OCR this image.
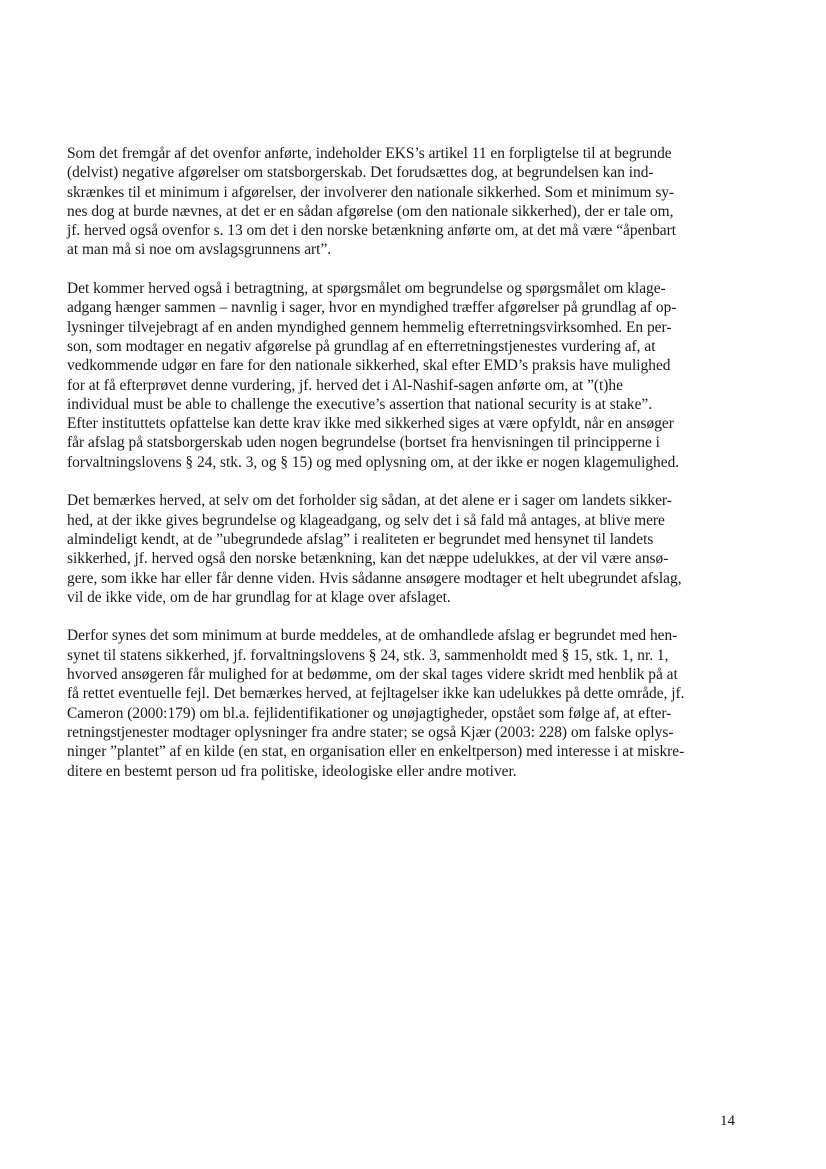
Som det fremgår af det ovenfor anførte, indeholder EKS’s artikel 11 en forpligtelse til at begrunde
(delvist) negative afgørelser om statsborgerskab. Det forudsættes dog, at begrundelsen kan ind-
skrænkes til et minimum i afgørelser, der involverer den nationale sikkerhed. Som et minimum sy-
nes dog at burde nævnes, at det er en sådan afgørelse (om den nationale sikkerhed), der er tale om,
jf. herved også ovenfor s. 13 om det i den norske betænkning anførte om, at det må være “åpenbart
at man må si noe om avslagsgrunnens art”.

Det kommer herved også i betragtning, at spørgsmålet om begrundelse og spørgsmålet om klage-
adgang hænger sammen – navnlig i sager, hvor en myndighed træffer afgørelser på grundlag af op-
lysninger tilvejebragt af en anden myndighed gennem hemmelig efterretningsvirksomhed. En per-
son, som modtager en negativ afgørelse på grundlag af en efterretningstjenestes vurdering af, at
vedkommende udgør en fare for den nationale sikkerhed, skal efter EMD’s praksis have mulighed
for at få efterprøvet denne vurdering, jf. herved det i Al-Nashif-sagen anførte om, at ”(t)he
individual must be able to challenge the executive’s assertion that national security is at stake”.
Efter instituttets opfattelse kan dette krav ikke med sikkerhed siges at være opfyldt, når en ansøger
får afslag på statsborgerskab uden nogen begrundelse (bortset fra henvisningen til principperne i
forvaltningslovens § 24, stk. 3, og § 15) og med oplysning om, at der ikke er nogen klagemulighed.

Det bemærkes herved, at selv om det forholder sig sådan, at det alene er i sager om landets sikker-
hed, at der ikke gives begrundelse og klageadgang, og selv det i så fald må antages, at blive mere
almindeligt kendt, at de ”ubegrundede afslag” i realiteten er begrundet med hensynet til landets
sikkerhed, jf. herved også den norske betænkning, kan det næppe udelukkes, at der vil være ansø-
gere, som ikke har eller får denne viden. Hvis sådanne ansøgere modtager et helt ubegrundet afslag,
vil de ikke vide, om de har grundlag for at klage over afslaget.

Derfor synes det som minimum at burde meddeles, at de omhandlede afslag er begrundet med hen-
synet til statens sikkerhed, jf. forvaltningslovens § 24, stk. 3, sammenholdt med § 15, stk. 1, nr. 1,
hvorved ansøgeren får mulighed for at bedømme, om der skal tages videre skridt med henblik på at
få rettet eventuelle fejl. Det bemærkes herved, at fejltagelser ikke kan udelukkes på dette område, jf.
Cameron (2000:179) om bl.a. fejlidentifikationer og unøjagtigheder, opstået som følge af, at efter-
retningstjenester modtager oplysninger fra andre stater; se også Kjær (2003: 228) om falske oplys-
ninger ”plantet” af en kilde (en stat, en organisation eller en enkeltperson) med interesse i at miskre-
ditere en bestemt person ud fra politiske, ideologiske eller andre motiver.

14
